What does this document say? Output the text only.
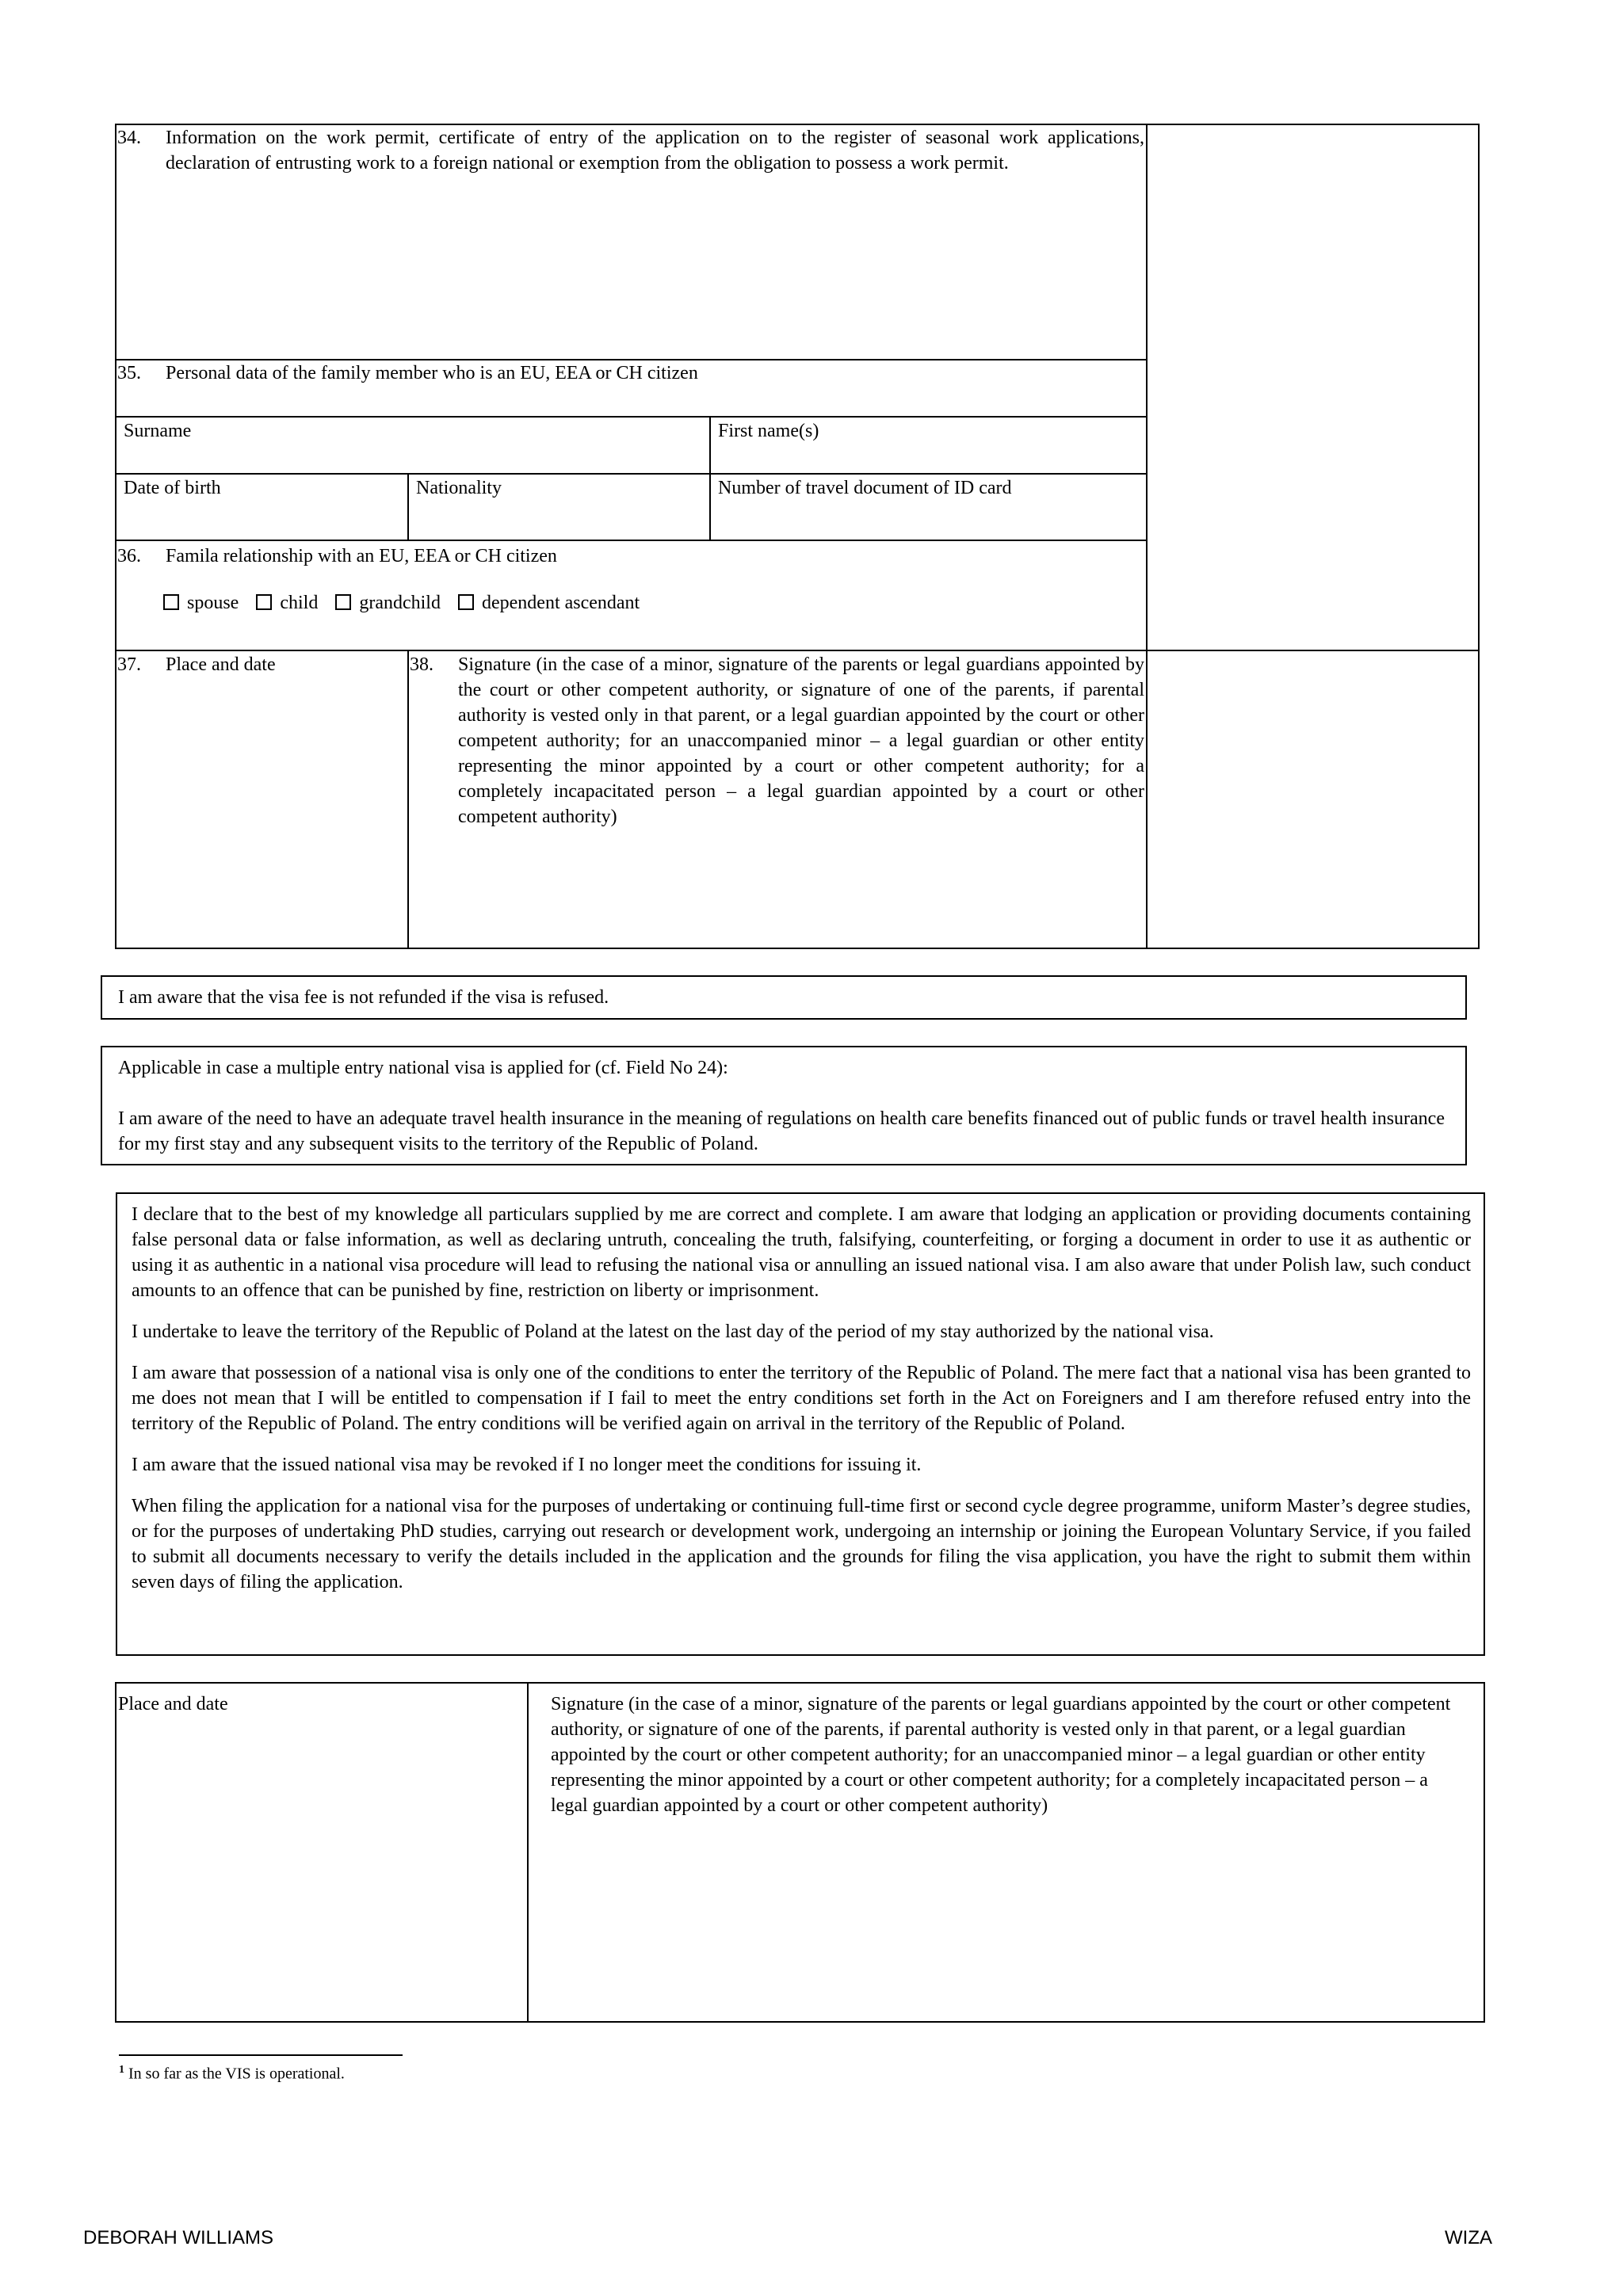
34. Information on the work permit, certificate of entry of the application on to the register of seasonal work applications, declaration of entrusting work to a foreign national or exemption from the obligation to possess a work permit.
35. Personal data of the family member who is an EU, EEA or CH citizen
Surname	First name(s)
Date of birth	Nationality	Number of travel document of ID card
36. Famila relationship with an EU, EEA or CH citizen
spouse child grandchild dependent ascendant
37. Place and date	38. Signature (in the case of a minor, signature of the parents or legal guardians appointed by the court or other competent authority, or signature of one of the parents, if parental authority is vested only in that parent, or a legal guardian appointed by the court or other competent authority; for an unaccompanied minor – a legal guardian or other entity representing the minor appointed by a court or other competent authority; for a completely incapacitated person – a legal guardian appointed by a court or other competent authority)
I am aware that the visa fee is not refunded if the visa is refused.
Applicable in case a multiple entry national visa is applied for (cf. Field No 24):
I am aware of the need to have an adequate travel health insurance in the meaning of regulations on health care benefits financed out of public funds or travel health insurance for my first stay and any subsequent visits to the territory of the Republic of Poland.

I declare that to the best of my knowledge all particulars supplied by me are correct and complete. I am aware that lodging an application or providing documents containing false personal data or false information, as well as declaring untruth, concealing the truth, falsifying, counterfeiting, or forging a document in order to use it as authentic or using it as authentic in a national visa procedure will lead to refusing the national visa or annulling an issued national visa. I am also aware that under Polish law, such conduct amounts to an offence that can be punished by fine, restriction on liberty or imprisonment.

I undertake to leave the territory of the Republic of Poland at the latest on the last day of the period of my stay authorized by the national visa.

I am aware that possession of a national visa is only one of the conditions to enter the territory of the Republic of Poland. The mere fact that a national visa has been granted to me does not mean that I will be entitled to compensation if I fail to meet the entry conditions set forth in the Act on Foreigners and I am therefore refused entry into the territory of the Republic of Poland. The entry conditions will be verified again on arrival in the territory of the Republic of Poland.

I am aware that the issued national visa may be revoked if I no longer meet the conditions for issuing it.

When filing the application for a national visa for the purposes of undertaking or continuing full-time first or second cycle degree programme, uniform Master’s degree studies, or for the purposes of undertaking PhD studies, carrying out research or development work, undergoing an internship or joining the European Voluntary Service, if you failed to submit all documents necessary to verify the details included in the application and the grounds for filing the visa application, you have the right to submit them within seven days of filing the application.

Place and date	Signature (in the case of a minor, signature of the parents or legal guardians appointed by the court or other competent authority, or signature of one of the parents, if parental authority is vested only in that parent, or a legal guardian appointed by the court or other competent authority; for an unaccompanied minor – a legal guardian or other entity representing the minor appointed by a court or other competent authority; for a completely incapacitated person – a legal guardian appointed by a court or other competent authority)
$^1$ In so far as the VIS is operational.
DEBORAH WILLIAMS	WIZA
